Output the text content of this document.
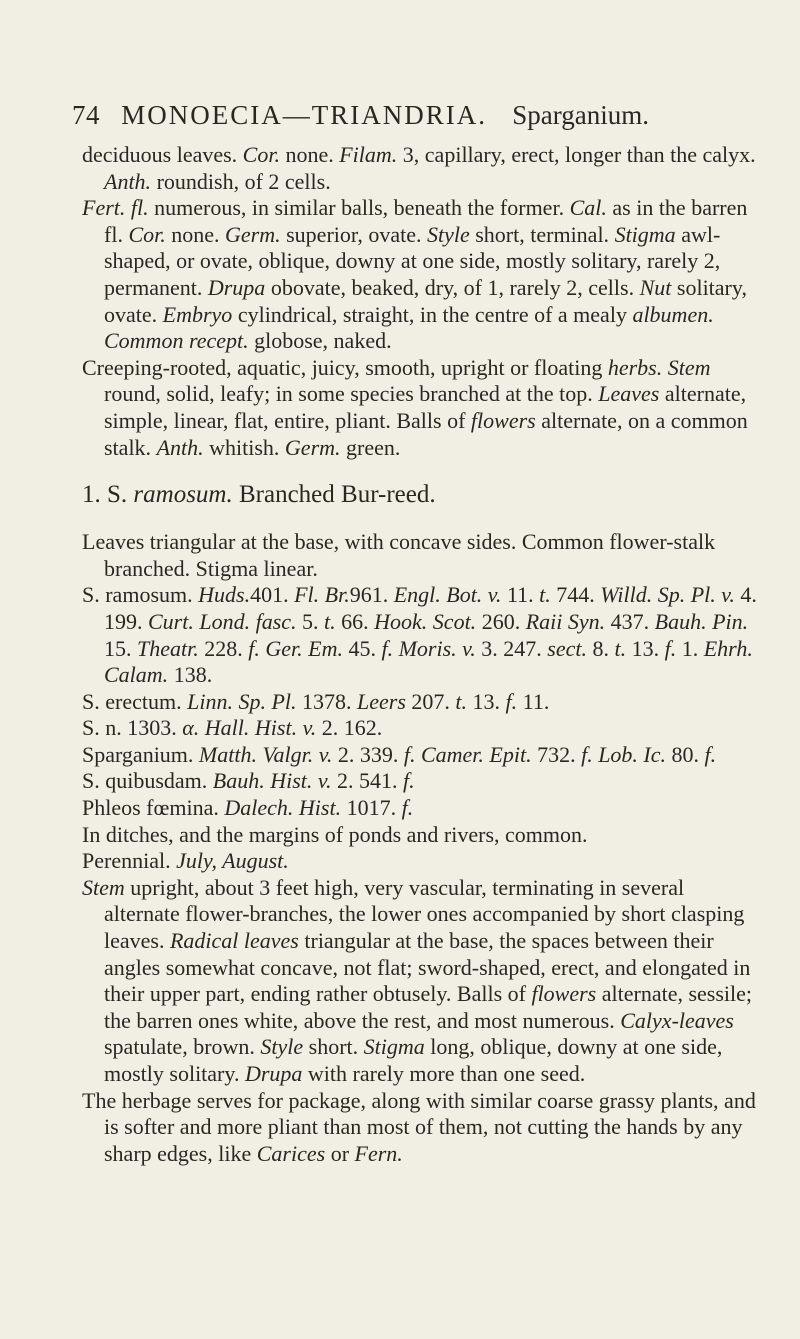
74 MONOECIA—TRIANDRIA. Sparganium.

deciduous leaves. Cor. none. Filam. 3, capillary, erect, longer than the calyx. Anth. roundish, of 2 cells.

Fert. fl. numerous, in similar balls, beneath the former. Cal. as in the barren fl. Cor. none. Germ. superior, ovate. Style short, terminal. Stigma awl-shaped, or ovate, oblique, downy at one side, mostly solitary, rarely 2, permanent. Drupa obovate, beaked, dry, of 1, rarely 2, cells. Nut solitary, ovate. Embryo cylindrical, straight, in the centre of a mealy albumen. Common recept. globose, naked.

Creeping-rooted, aquatic, juicy, smooth, upright or floating herbs. Stem round, solid, leafy; in some species branched at the top. Leaves alternate, simple, linear, flat, entire, pliant. Balls of flowers alternate, on a common stalk. Anth. whitish. Germ. green.

1. S. ramosum. Branched Bur-reed.

Leaves triangular at the base, with concave sides. Common flower-stalk branched. Stigma linear.

S. ramosum. Huds.401. Fl. Br.961. Engl. Bot. v. 11. t. 744. Willd. Sp. Pl. v. 4. 199. Curt. Lond. fasc. 5. t. 66. Hook. Scot. 260. Raii Syn. 437. Bauh. Pin. 15. Theatr. 228. f. Ger. Em. 45. f. Moris. v. 3. 247. sect. 8. t. 13. f. 1. Ehrh. Calam. 138.

S. erectum. Linn. Sp. Pl. 1378. Leers 207. t. 13. f. 11.

S. n. 1303. α. Hall. Hist. v. 2. 162.

Sparganium. Matth. Valgr. v. 2. 339. f. Camer. Epit. 732. f. Lob. Ic. 80. f.

S. quibusdam. Bauh. Hist. v. 2. 541. f.

Phleos fœmina. Dalech. Hist. 1017. f.

In ditches, and the margins of ponds and rivers, common.

Perennial. July, August.

Stem upright, about 3 feet high, very vascular, terminating in several alternate flower-branches, the lower ones accompanied by short clasping leaves. Radical leaves triangular at the base, the spaces between their angles somewhat concave, not flat; sword-shaped, erect, and elongated in their upper part, ending rather obtusely. Balls of flowers alternate, sessile; the barren ones white, above the rest, and most numerous. Calyx-leaves spatulate, brown. Style short. Stigma long, oblique, downy at one side, mostly solitary. Drupa with rarely more than one seed.

The herbage serves for package, along with similar coarse grassy plants, and is softer and more pliant than most of them, not cutting the hands by any sharp edges, like Carices or Fern.
